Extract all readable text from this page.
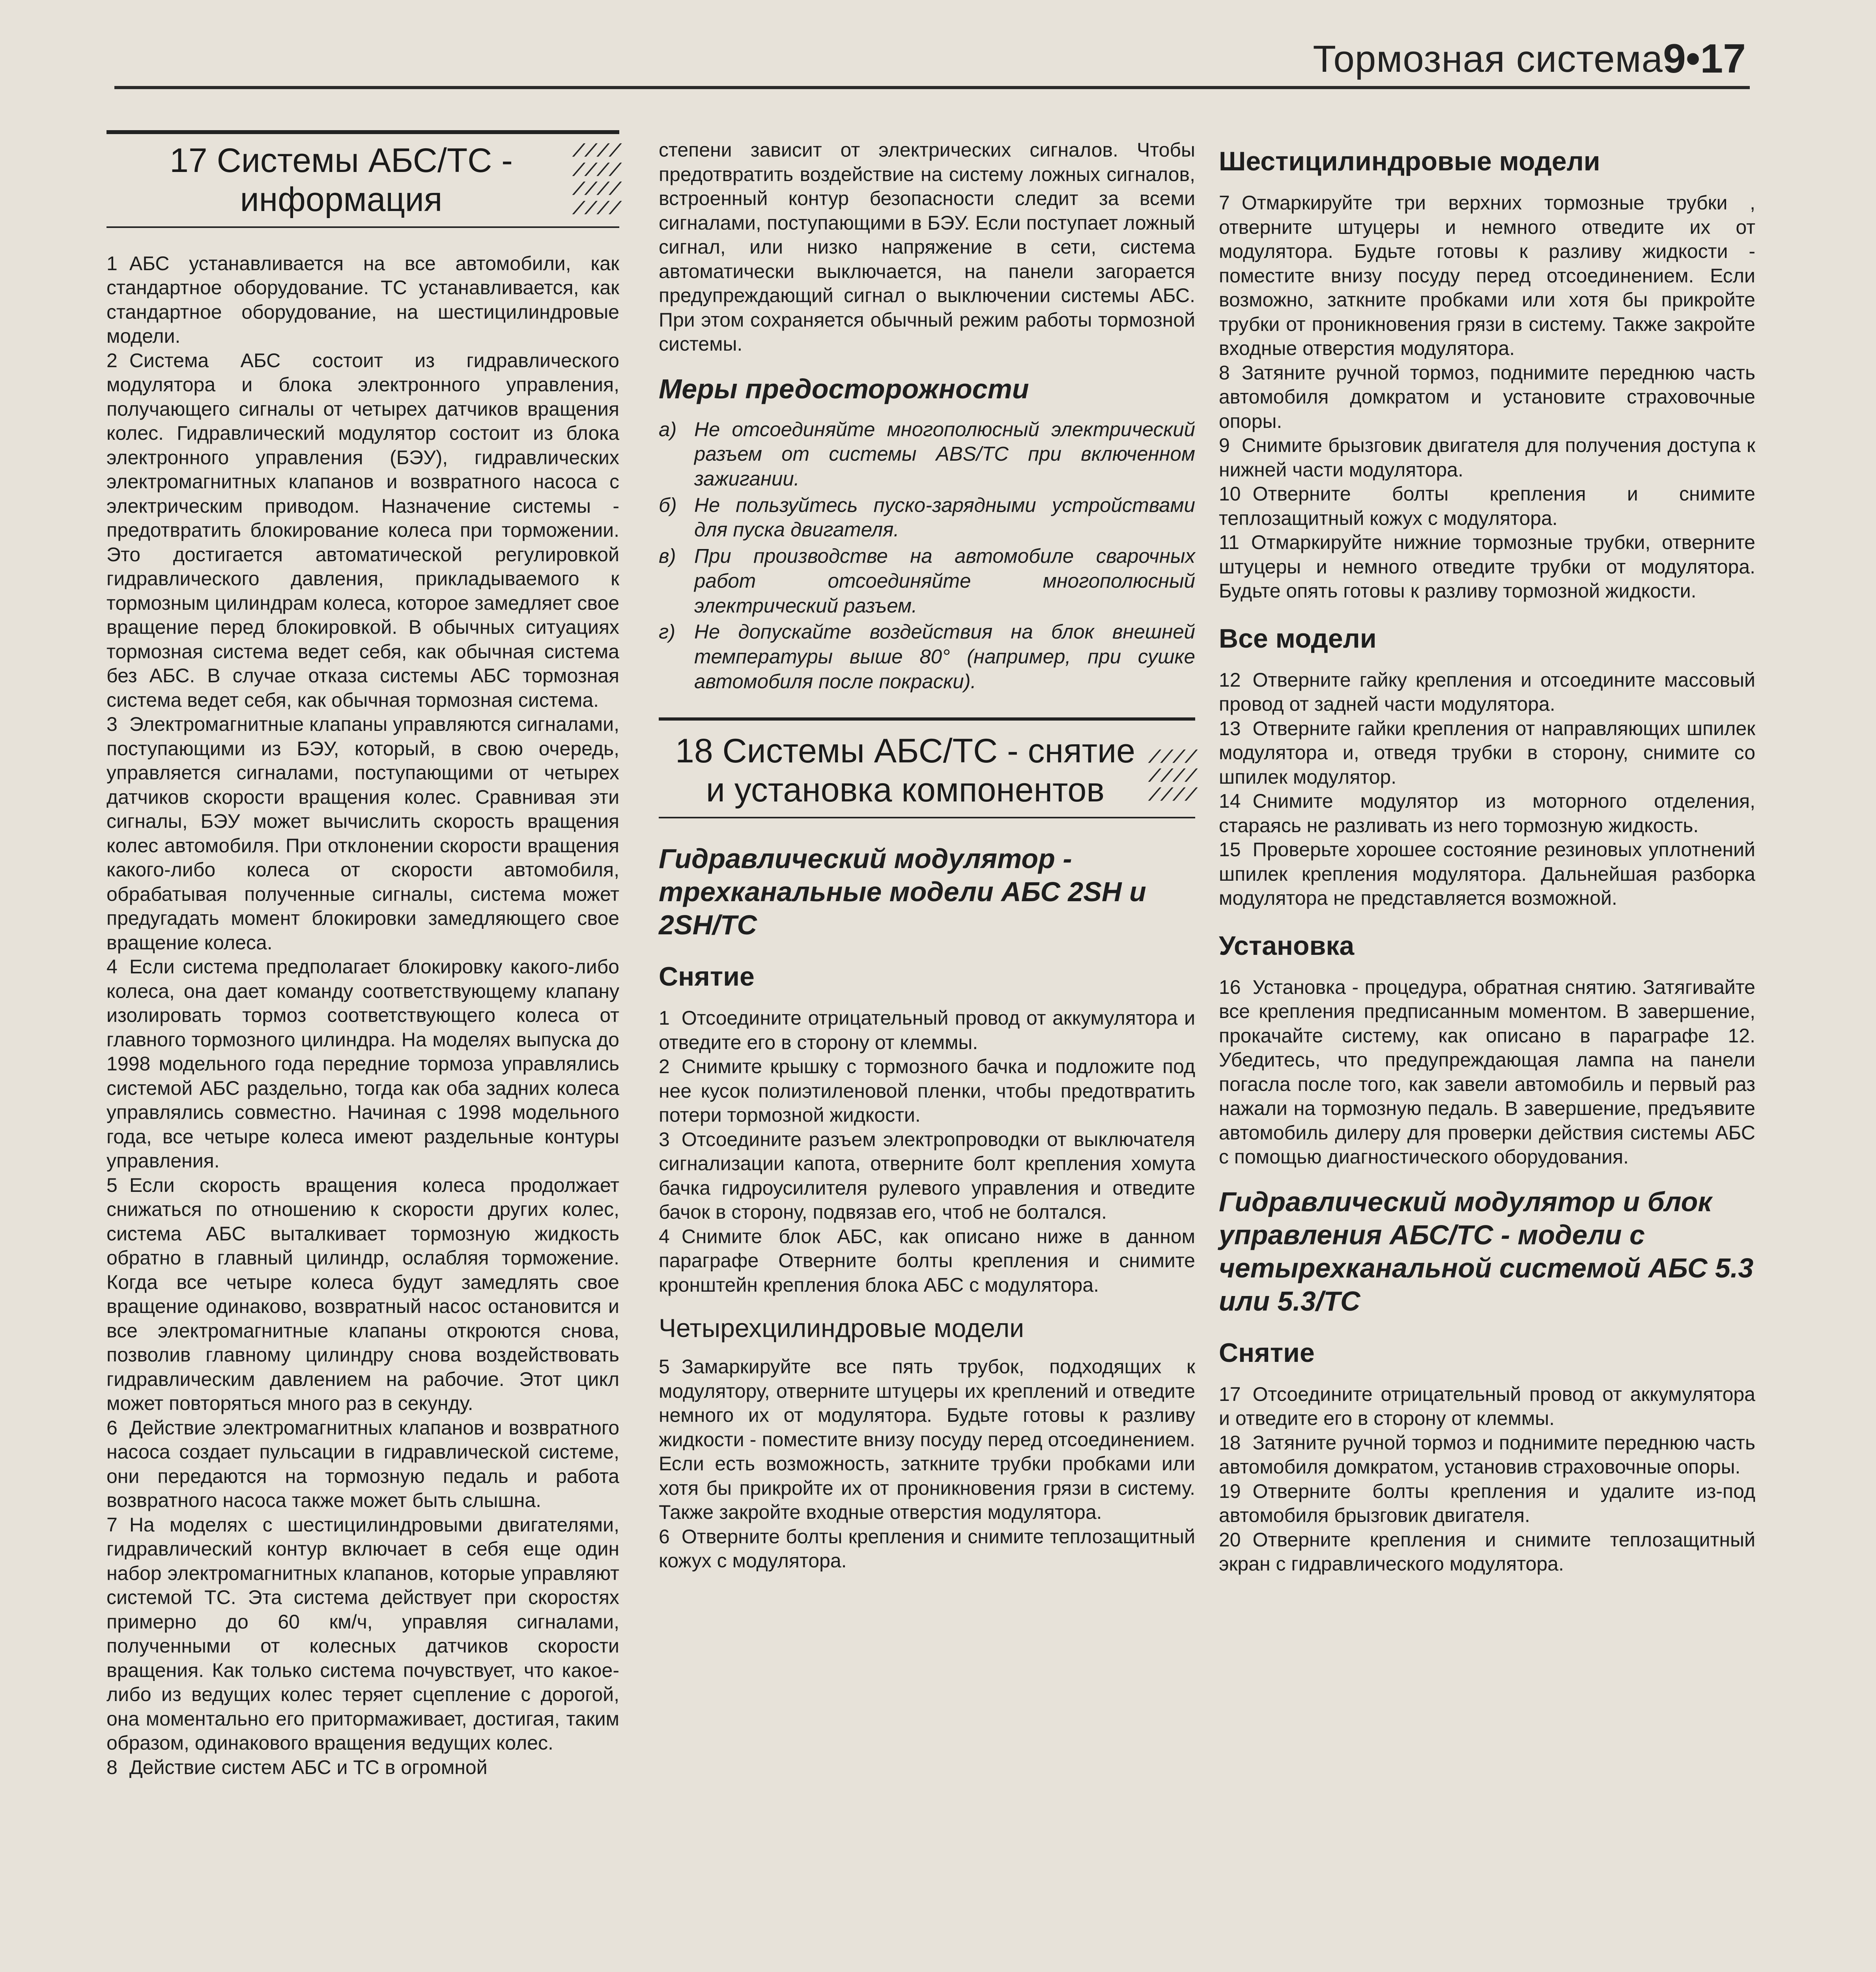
Тормозная система 9•17
17 Системы АБС/ТС - информация
⟋⟋⟋⟋
⟋⟋⟋⟋
⟋⟋⟋⟋
⟋⟋⟋⟋

1 АБС устанавливается на все автомобили, как стандартное оборудование. ТС устанавливается, как стандартное оборудование, на шестицилиндровые модели.

2 Система АБС состоит из гидравлического модулятора и блока электронного управления, получающего сигналы от четырех датчиков вращения колес. Гидравлический модулятор состоит из блока электронного управления (БЭУ), гидравлических электромагнитных клапанов и возвратного насоса с электрическим приводом. Назначение системы - предотвратить блокирование колеса при торможении. Это достигается автоматической регулировкой гидравлического давления, прикладываемого к тормозным цилиндрам колеса, которое замедляет свое вращение перед блокировкой. В обычных ситуациях тормозная система ведет себя, как обычная система без АБС. В случае отказа системы АБС тормозная система ведет себя, как обычная тормозная система.

3 Электромагнитные клапаны управляются сигналами, поступающими из БЭУ, который, в свою очередь, управляется сигналами, поступающими от четырех датчиков скорости вращения колес. Сравнивая эти сигналы, БЭУ может вычислить скорость вращения колес автомобиля. При отклонении скорости вращения какого-либо колеса от скорости автомобиля, обрабатывая полученные сигналы, система может предугадать момент блокировки замедляющего свое вращение колеса.

4 Если система предполагает блокировку какого-либо колеса, она дает команду соответствующему клапану изолировать тормоз соответствующего колеса от главного тормозного цилиндра. На моделях выпуска до 1998 модельного года передние тормоза управлялись системой АБС раздельно, тогда как оба задних колеса управлялись совместно. Начиная с 1998 модельного года, все четыре колеса имеют раздельные контуры управления.

5 Если скорость вращения колеса продолжает снижаться по отношению к скорости других колес, система АБС выталкивает тормозную жидкость обратно в главный цилиндр, ослабляя торможение. Когда все четыре колеса будут замедлять свое вращение одинаково, возвратный насос остановится и все электромагнитные клапаны откроются снова, позволив главному цилиндру снова воздействовать гидравлическим давлением на рабочие. Этот цикл может повторяться много раз в секунду.

6 Действие электромагнитных клапанов и возвратного насоса создает пульсации в гидравлической системе, они передаются на тормозную педаль и работа возвратного насоса также может быть слышна.

7 На моделях с шестицилиндровыми двигателями, гидравлический контур включает в себя еще один набор электромагнитных клапанов, которые управляют системой ТС. Эта система действует при скоростях примерно до 60 км/ч, управляя сигналами, полученными от колесных датчиков скорости вращения. Как только система почувствует, что какое-либо из ведущих колес теряет сцепление с дорогой, она моментально его притормаживает, достигая, таким образом, одинакового вращения ведущих колес.

8 Действие систем АБС и ТС в огромной

степени зависит от электрических сигналов. Чтобы предотвратить воздействие на систему ложных сигналов, встроенный контур безопасности следит за всеми сигналами, поступающими в БЭУ. Если поступает ложный сигнал, или низко напряжение в сети, система автоматически выключается, на панели загорается предупреждающий сигнал о выключении системы АБС. При этом сохраняется обычный режим работы тормозной системы.

Меры предосторожности

а) Не отсоединяйте многополюсный электрический разъем от системы ABS/TC при включенном зажигании.

б) Не пользуйтесь пуско-зарядными устройствами для пуска двигателя.

в) При производстве на автомобиле сварочных работ отсоединяйте многополюсный электрический разъем.

г) Не допускайте воздействия на блок внешней температуры выше 80° (например, при сушке автомобиля после покраски).

18 Системы АБС/ТС - снятие и установка компонентов
⟋⟋⟋⟋
⟋⟋⟋⟋
⟋⟋⟋⟋
Гидравлический модулятор - трехканальные модели АБС 2SH и 2SH/TC
Снятие

1 Отсоедините отрицательный провод от аккумулятора и отведите его в сторону от клеммы.

2 Снимите крышку с тормозного бачка и подложите под нее кусок полиэтиленовой пленки, чтобы предотвратить потери тормозной жидкости.

3 Отсоедините разъем электропроводки от выключателя сигнализации капота, отверните болт крепления хомута бачка гидроусилителя рулевого управления и отведите бачок в сторону, подвязав его, чтоб не болтался.

4 Снимите блок АБС, как описано ниже в данном параграфе Отверните болты крепления и снимите кронштейн крепления блока АБС с модулятора.

Четырехцилиндровые модели

5 Замаркируйте все пять трубок, подходящих к модулятору, отверните штуцеры их креплений и отведите немного их от модулятора. Будьте готовы к разливу жидкости - поместите внизу посуду перед отсоединением. Если есть возможность, заткните трубки пробками или хотя бы прикройте их от проникновения грязи в систему. Также закройте входные отверстия модулятора.

6 Отверните болты крепления и снимите теплозащитный кожух с модулятора.

Шестицилиндровые модели

7 Отмаркируйте три верхних тормозные трубки , отверните штуцеры и немного отведите их от модулятора. Будьте готовы к разливу жидкости - поместите внизу посуду перед отсоединением. Если возможно, заткните пробками или хотя бы прикройте трубки от проникновения грязи в систему. Также закройте входные отверстия модулятора.

8 Затяните ручной тормоз, поднимите переднюю часть автомобиля домкратом и установите страховочные опоры.

9 Снимите брызговик двигателя для получения доступа к нижней части модулятора.

10 Отверните болты крепления и снимите теплозащитный кожух с модулятора.

11 Отмаркируйте нижние тормозные трубки, отверните штуцеры и немного отведите трубки от модулятора. Будьте опять готовы к разливу тормозной жидкости.

Все модели

12 Отверните гайку крепления и отсоедините массовый провод от задней части модулятора.

13 Отверните гайки крепления от направляющих шпилек модулятора и, отведя трубки в сторону, снимите со шпилек модулятор.

14 Снимите модулятор из моторного отделения, стараясь не разливать из него тормозную жидкость.

15 Проверьте хорошее состояние резиновых уплотнений шпилек крепления модулятора. Дальнейшая разборка модулятора не представляется возможной.

Установка

16 Установка - процедура, обратная снятию. Затягивайте все крепления предписанным моментом. В завершение, прокачайте систему, как описано в параграфе 12. Убедитесь, что предупреждающая лампа на панели погасла после того, как завели автомобиль и первый раз нажали на тормозную педаль. В завершение, предъявите автомобиль дилеру для проверки действия системы АБС с помощью диагностического оборудования.

Гидравлический модулятор и блок управления АБС/ТС - модели с четырехканальной системой АБС 5.3 или 5.3/ТС
Снятие

17 Отсоедините отрицательный провод от аккумулятора и отведите его в сторону от клеммы.

18 Затяните ручной тормоз и поднимите переднюю часть автомобиля домкратом, установив страховочные опоры.

19 Отверните болты крепления и удалите из-под автомобиля брызговик двигателя.

20 Отверните крепления и снимите теплозащитный экран с гидравлического модулятора.
